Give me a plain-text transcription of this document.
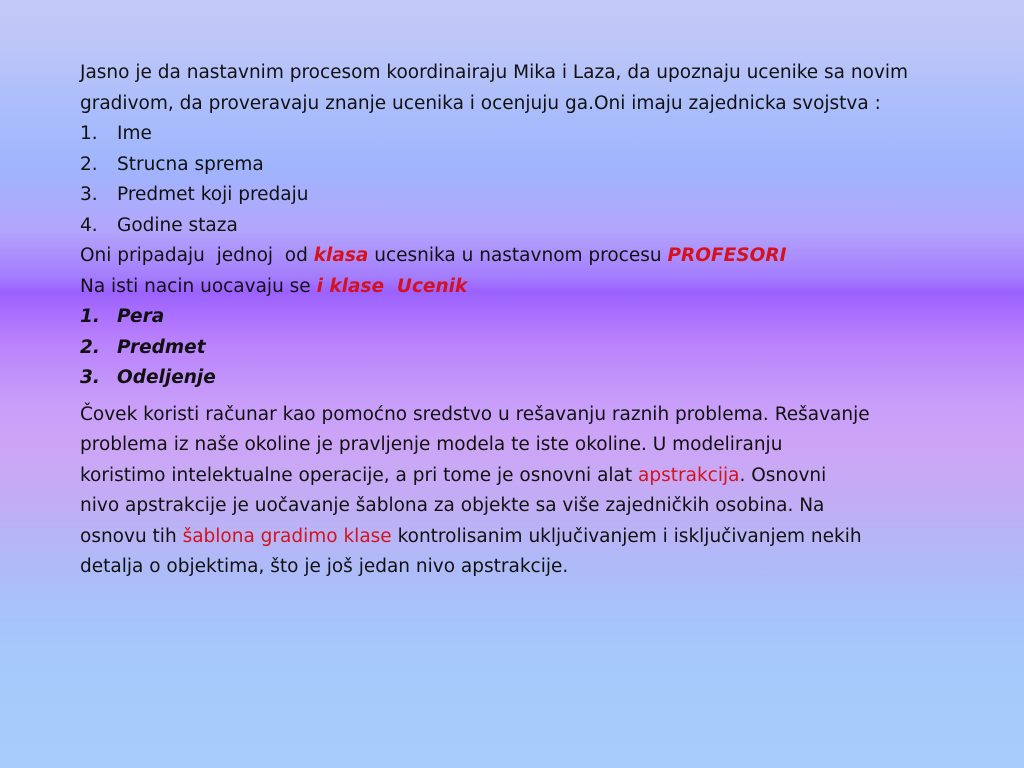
Jasno je da nastavnim procesom koordinairaju Mika i Laza, da upoznaju ucenike sa novim gradivom, da proveravaju znanje ucenika i ocenjuju ga.Oni imaju zajednicka svojstva :

1.	Ime
2.	Strucna sprema
3.	Predmet koji predaju
4.	Godine staza

Oni pripadaju  jednoj  od klasa ucesnika u nastavnom procesu PROFESORI

Na isti nacin uocavaju se i klase  Ucenik

1. Pera
2. Predmet
3. Odeljenje

Čovek koristi računar kao pomoćno sredstvo u rešavanju raznih problema. Rešavanje problema iz naše okoline je pravljenje modela te iste okoline. U modeliranju koristimo intelektualne operacije, a pri tome je osnovni alat apstrakcija. Osnovni nivo apstrakcije je uočavanje šablona za objekte sa više zajedničkih osobina. Na osnovu tih šablona gradimo klase kontrolisanim uključivanjem i isključivanjem nekih detalja o objektima, što je još jedan nivo apstrakcije.
